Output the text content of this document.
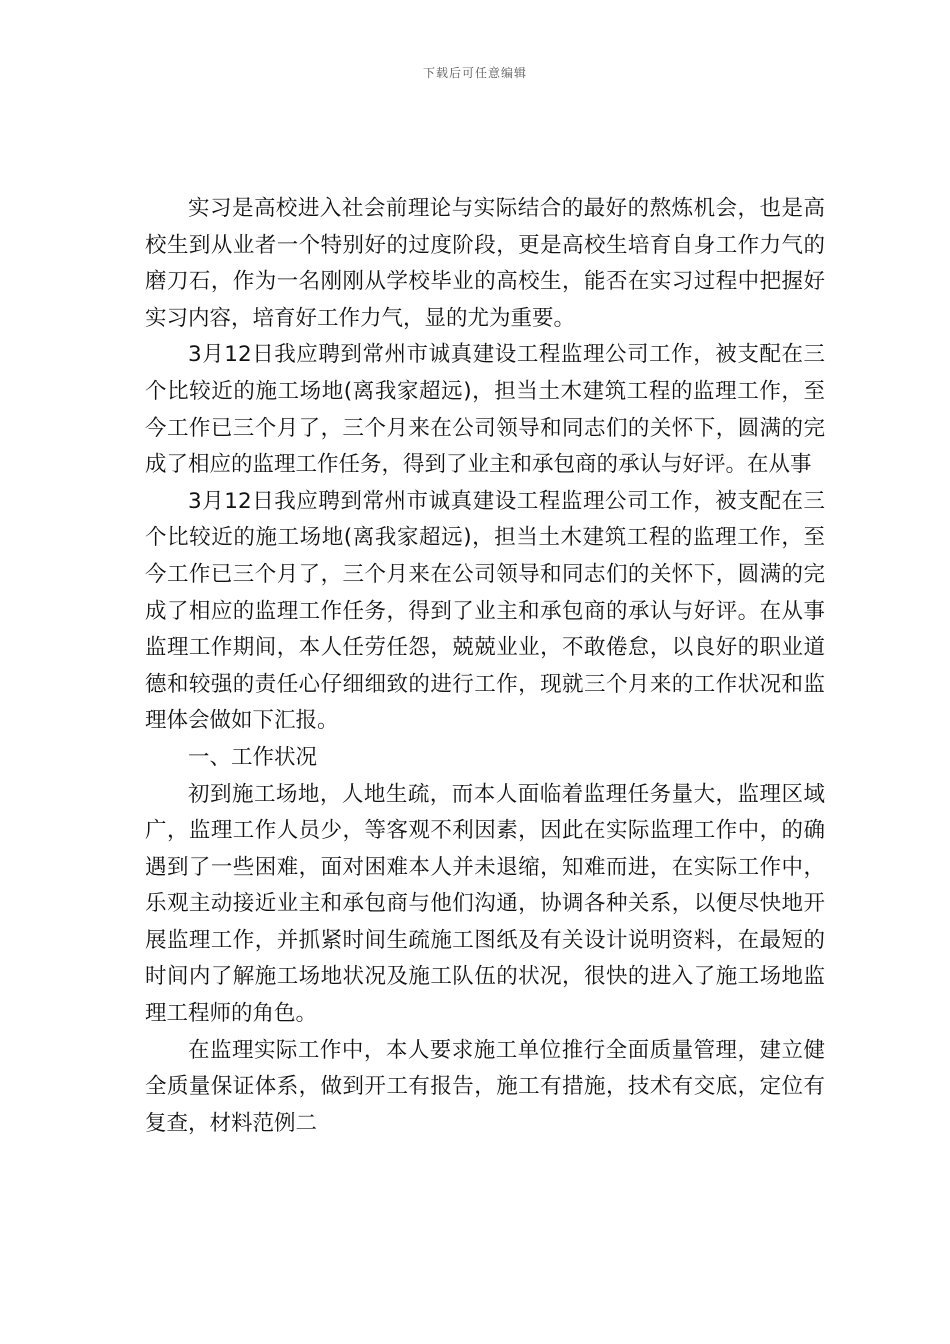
下载后可任意编辑

实习是高校进入社会前理论与实际结合的最好的熬炼机会，也是高校生到从业者一个特别好的过度阶段，更是高校生培育自身工作力气的磨刀石，作为一名刚刚从学校毕业的高校生，能否在实习过程中把握好实习内容，培育好工作力气，显的尤为重要。

3月12日我应聘到常州市诚真建设工程监理公司工作，被支配在三个比较近的施工场地(离我家超远)，担当土木建筑工程的监理工作，至今工作已三个月了，三个月来在公司领导和同志们的关怀下，圆满的完成了相应的监理工作任务，得到了业主和承包商的承认与好评。在从事

3月12日我应聘到常州市诚真建设工程监理公司工作，被支配在三个比较近的施工场地(离我家超远)，担当土木建筑工程的监理工作，至今工作已三个月了，三个月来在公司领导和同志们的关怀下，圆满的完成了相应的监理工作任务，得到了业主和承包商的承认与好评。在从事监理工作期间，本人任劳任怨，兢兢业业，不敢倦怠，以良好的职业道德和较强的责任心仔细细致的进行工作，现就三个月来的工作状况和监理体会做如下汇报。

一、工作状况

初到施工场地，人地生疏，而本人面临着监理任务量大，监理区域广，监理工作人员少，等客观不利因素，因此在实际监理工作中，的确遇到了一些困难，面对困难本人并未退缩，知难而进，在实际工作中，乐观主动接近业主和承包商与他们沟通，协调各种关系，以便尽快地开展监理工作，并抓紧时间生疏施工图纸及有关设计说明资料，在最短的时间内了解施工场地状况及施工队伍的状况，很快的进入了施工场地监理工程师的角色。

在监理实际工作中，本人要求施工单位推行全面质量管理，建立健全质量保证体系，做到开工有报告，施工有措施，技术有交底，定位有复查，材料范例二
